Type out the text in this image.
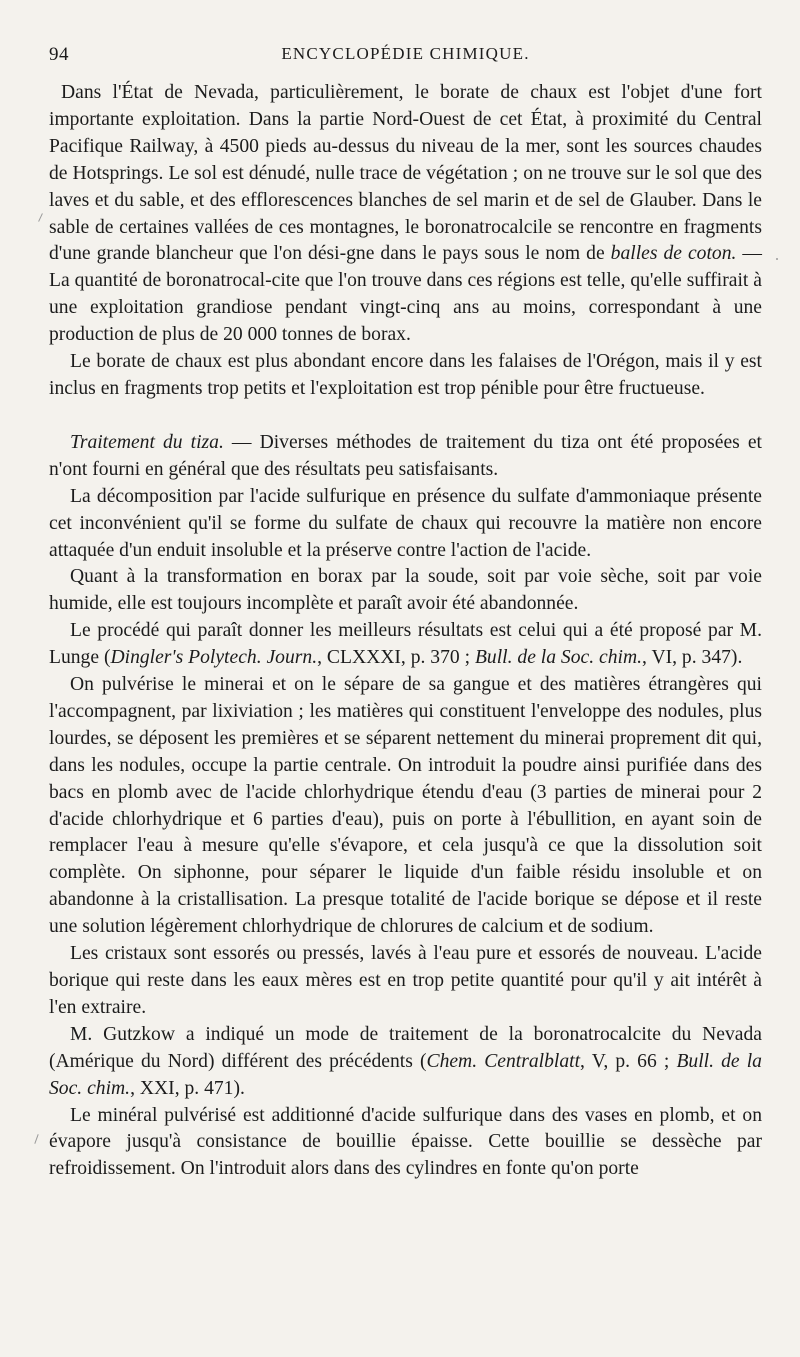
94	ENCYCLOPÉDIE CHIMIQUE.

Dans l'État de Nevada, particulièrement, le borate de chaux est l'objet d'une fort importante exploitation. Dans la partie Nord-Ouest de cet État, à proximité du Central Pacifique Railway, à 4500 pieds au-dessus du niveau de la mer, sont les sources chaudes de Hotsprings. Le sol est dénudé, nulle trace de végétation ; on ne trouve sur le sol que des laves et du sable, et des efflorescences blanches de sel marin et de sel de Glauber. Dans le sable de certaines vallées de ces montagnes, le boronatrocalcile se rencontre en fragments d'une grande blancheur que l'on dési-gne dans le pays sous le nom de balles de coton. — La quantité de boronatrocal-cite que l'on trouve dans ces régions est telle, qu'elle suffirait à une exploitation grandiose pendant vingt-cinq ans au moins, correspondant à une production de plus de 20 000 tonnes de borax.

Le borate de chaux est plus abondant encore dans les falaises de l'Orégon, mais il y est inclus en fragments trop petits et l'exploitation est trop pénible pour être fructueuse.

Traitement du tiza. — Diverses méthodes de traitement du tiza ont été proposées et n'ont fourni en général que des résultats peu satisfaisants.

La décomposition par l'acide sulfurique en présence du sulfate d'ammoniaque présente cet inconvénient qu'il se forme du sulfate de chaux qui recouvre la matière non encore attaquée d'un enduit insoluble et la préserve contre l'action de l'acide.

Quant à la transformation en borax par la soude, soit par voie sèche, soit par voie humide, elle est toujours incomplète et paraît avoir été abandonnée.

Le procédé qui paraît donner les meilleurs résultats est celui qui a été proposé par M. Lunge (Dingler's Polytech. Journ., CLXXXI, p. 370 ; Bull. de la Soc. chim., VI, p. 347).

On pulvérise le minerai et on le sépare de sa gangue et des matières étrangères qui l'accompagnent, par lixiviation ; les matières qui constituent l'enveloppe des nodules, plus lourdes, se déposent les premières et se séparent nettement du minerai proprement dit qui, dans les nodules, occupe la partie centrale. On introduit la poudre ainsi purifiée dans des bacs en plomb avec de l'acide chlorhydrique étendu d'eau (3 parties de minerai pour 2 d'acide chlorhydrique et 6 parties d'eau), puis on porte à l'ébullition, en ayant soin de remplacer l'eau à mesure qu'elle s'évapore, et cela jusqu'à ce que la dissolution soit complète. On siphonne, pour séparer le liquide d'un faible résidu insoluble et on abandonne à la cristallisation. La presque totalité de l'acide borique se dépose et il reste une solution légèrement chlorhydrique de chlorures de calcium et de sodium.

Les cristaux sont essorés ou pressés, lavés à l'eau pure et essorés de nouveau. L'acide borique qui reste dans les eaux mères est en trop petite quantité pour qu'il y ait intérêt à l'en extraire.

M. Gutzkow a indiqué un mode de traitement de la boronatrocalcite du Nevada (Amérique du Nord) différent des précédents (Chem. Centralblatt, V, p. 66 ; Bull. de la Soc. chim., XXI, p. 471).

Le minéral pulvérisé est additionné d'acide sulfurique dans des vases en plomb, et on évapore jusqu'à consistance de bouillie épaisse. Cette bouillie se dessèche par refroidissement. On l'introduit alors dans des cylindres en fonte qu'on porte
